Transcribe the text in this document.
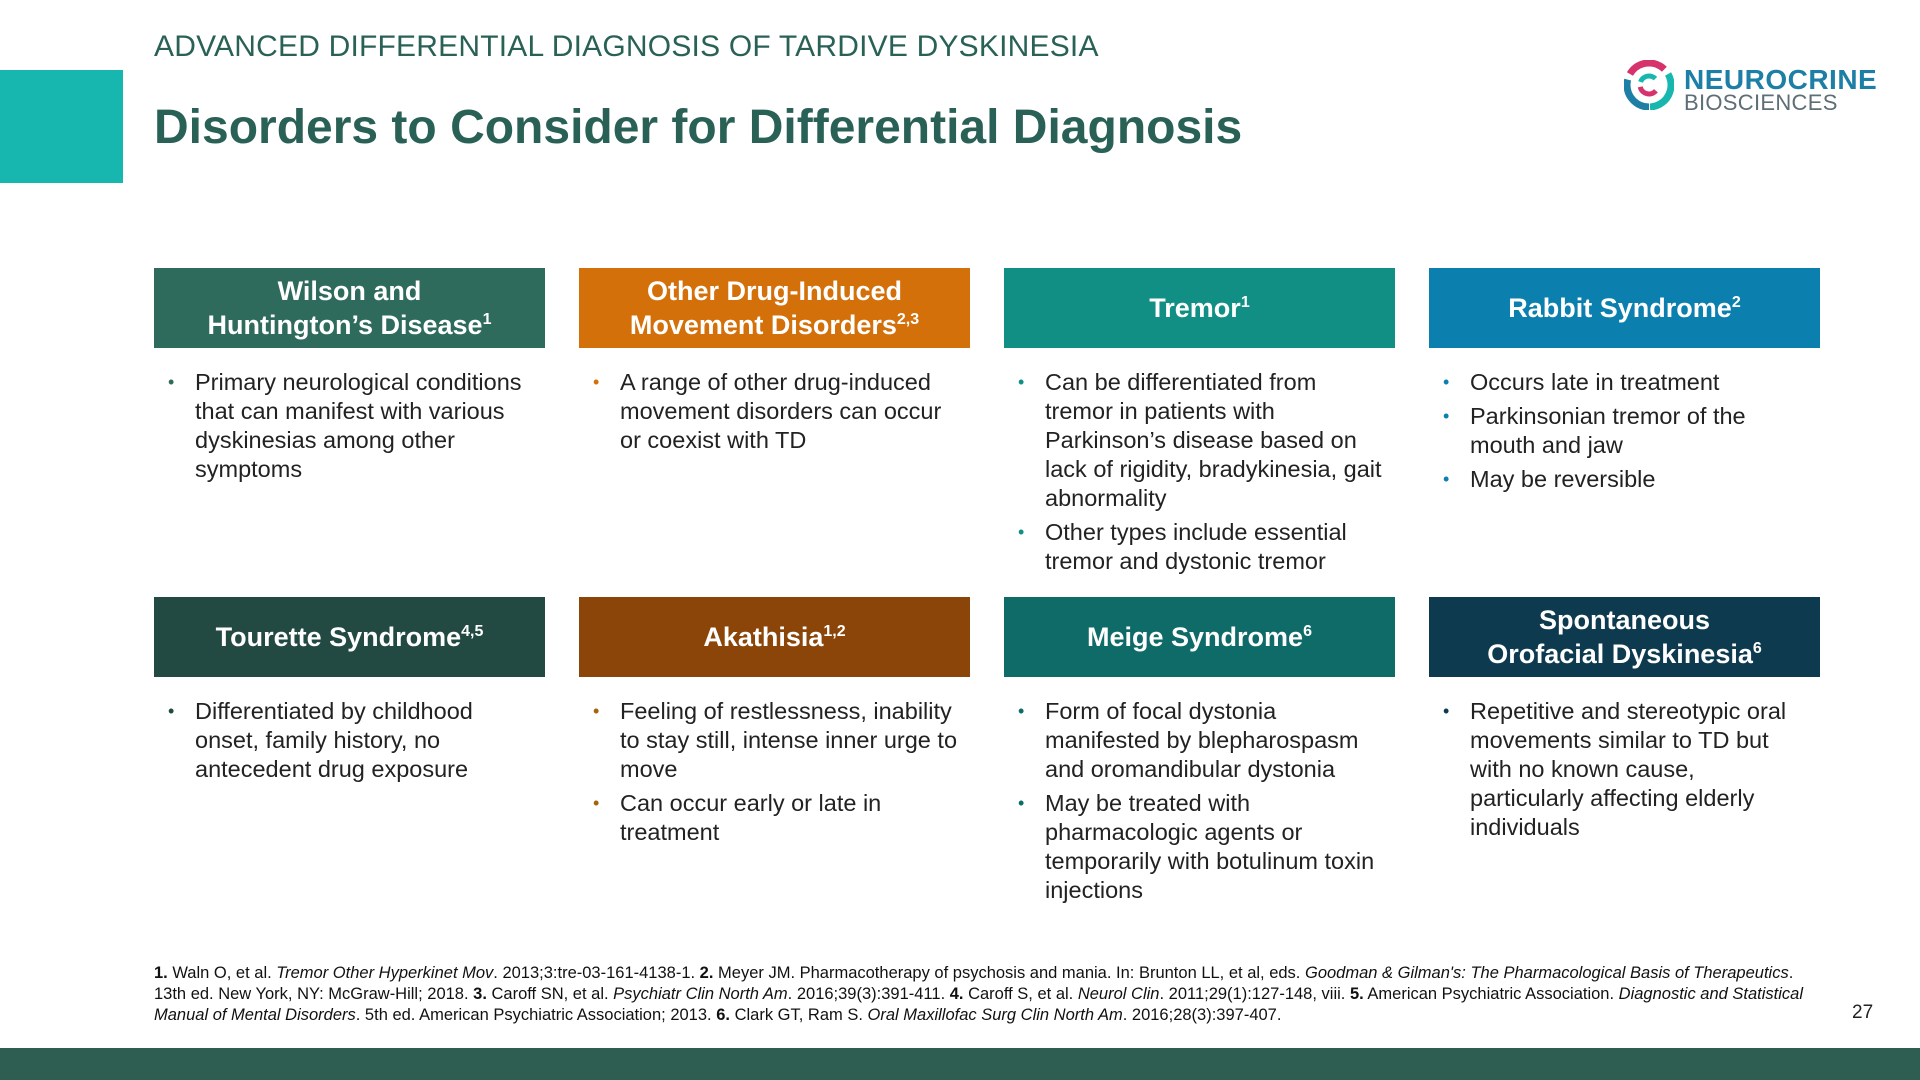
ADVANCED DIFFERENTIAL DIAGNOSIS OF TARDIVE DYSKINESIA
Disorders to Consider for Differential Diagnosis
NEUROCRINE
BIOSCIENCES
Wilson and
Huntington’s Disease$^1$
• Primary neurological conditions that can manifest with various dyskinesias among other symptoms
Other Drug-Induced
Movement Disorders$^{2,3}$
• A range of other drug-induced movement disorders can occur or coexist with TD
Tremor$^1$
• Can be differentiated from tremor in patients with Parkinson’s disease based on lack of rigidity, bradykinesia, gait abnormality
• Other types include essential tremor and dystonic tremor
Rabbit Syndrome$^2$
• Occurs late in treatment
• Parkinsonian tremor of the mouth and jaw
• May be reversible
Tourette Syndrome$^{4,5}$
• Differentiated by childhood onset, family history, no antecedent drug exposure
Akathisia$^{1,2}$
• Feeling of restlessness, inability to stay still, intense inner urge to move
• Can occur early or late in treatment
Meige Syndrome$^6$
• Form of focal dystonia manifested by blepharospasm and oromandibular dystonia
• May be treated with pharmacologic agents or temporarily with botulinum toxin injections
Spontaneous
Orofacial Dyskinesia$^6$
• Repetitive and stereotypic oral movements similar to TD but with no known cause, particularly affecting elderly individuals
1. Waln O, et al. Tremor Other Hyperkinet Mov. 2013;3:tre-03-161-4138-1. 2. Meyer JM. Pharmacotherapy of psychosis and mania. In: Brunton LL, et al, eds. Goodman & Gilman's: The Pharmacological Basis of Therapeutics. 13th ed. New York, NY: McGraw-Hill; 2018. 3. Caroff SN, et al. Psychiatr Clin North Am. 2016;39(3):391-411. 4. Caroff S, et al. Neurol Clin. 2011;29(1):127-148, viii. 5. American Psychiatric Association. Diagnostic and Statistical Manual of Mental Disorders. 5th ed. American Psychiatric Association; 2013. 6. Clark GT, Ram S. Oral Maxillofac Surg Clin North Am. 2016;28(3):397-407.	27
